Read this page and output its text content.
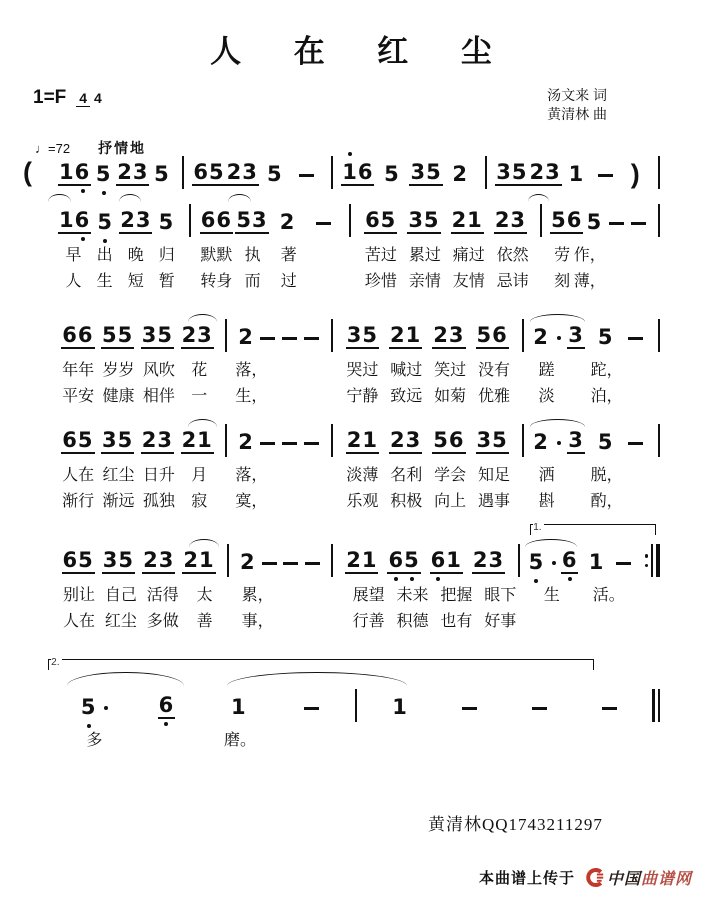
人 在 红 尘
1=F 4 4	汤文来 词
黄清林 曲
♩=72 抒情地
( 16 5 23 5 65 23 5	16 5 35 2 35 23 1 )
16 5 23 5 66 53 2	65 35 21 23 56 5
早 出 晚 归	默默 执	著	苦过 累过 痛过 依然	劳 作，
人 生 短 暂	转身 而	过	珍惜 亲情 友情 忌讳	刻 薄，
66 55 35 23 2	35 21 23 56 2 3 5
年年 岁岁 风吹	花	落，	哭过 喊过 笑过 没有	蹉	跎，
平安 健康 相伴	一	生，	宁静 致远 如菊 优雅	淡	泊，
65 35 23 21 2	21 23 56 35 2 3 5
人在 红尘 日升	月	落，	淡薄 名利 学会 知足	洒	脱，
渐行 渐远 孤独	寂	寞，	乐观 积极 向上 遇事	斟	酌，
1.
65 35 23 21 2	21 65 61 23 5 6 1
别让 自己 活得	太	累，	展望 未来 把握 眼下	生	活。
人在 红尘 多做	善	事，	行善 积德 也有 好事
2.
5	6	1	1
多	磨。
黄清林QQ1743211297
本曲谱上传于 中国曲谱网
